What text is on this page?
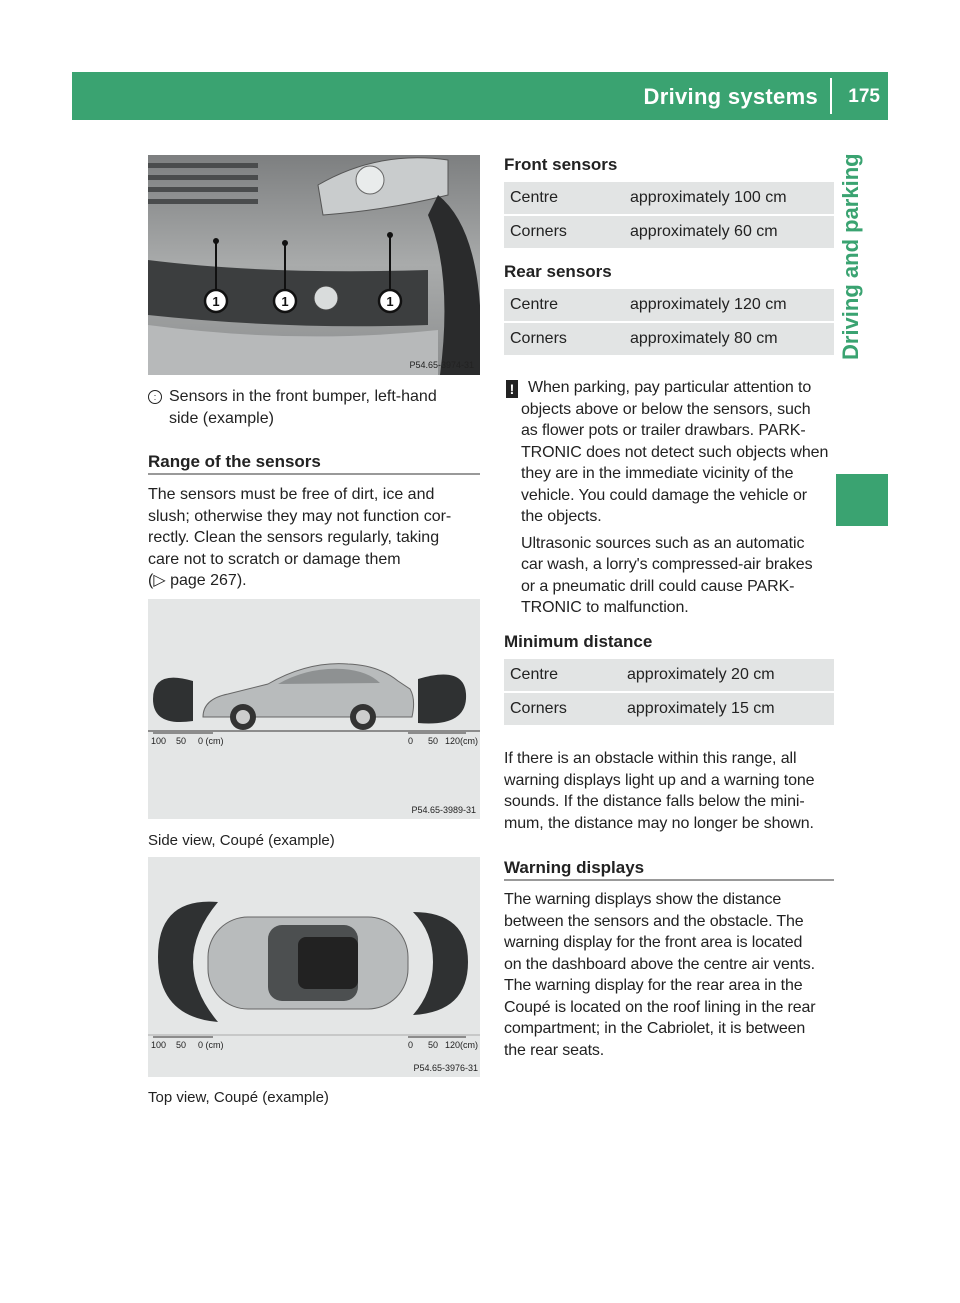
Driving systems 175
Driving and parking
1	1	1
P54.65-3974-31
: Sensors in the front bumper, left-hand
side (example)
Range of the sensors
The sensors must be free of dirt, ice and
slush; otherwise they may not function cor-
rectly. Clean the sensors regularly, taking
care not to scratch or damage them
(▷ page 267).
100 50 0 (cm)	0 50 120(cm)
P54.65-3989-31
Side view, Coupé (example)
100 50 0 (cm)	0 50 120(cm)
P54.65-3976-31
Top view, Coupé (example)
Front sensors
Centre	approximately 100 cm
Corners	approximately 60 cm
Rear sensors
Centre	approximately 120 cm
Corners	approximately 80 cm
! When parking, pay particular attention to
objects above or below the sensors, such
as flower pots or trailer drawbars. PARK-
TRONIC does not detect such objects when
they are in the immediate vicinity of the
vehicle. You could damage the vehicle or
the objects.
Ultrasonic sources such as an automatic
car wash, a lorry's compressed-air brakes
or a pneumatic drill could cause PARK-
TRONIC to malfunction.
Minimum distance
Centre	approximately 20 cm
Corners	approximately 15 cm
If there is an obstacle within this range, all
warning displays light up and a warning tone
sounds. If the distance falls below the mini-
mum, the distance may no longer be shown.
Warning displays
The warning displays show the distance
between the sensors and the obstacle. The
warning display for the front area is located
on the dashboard above the centre air vents.
The warning display for the rear area in the
Coupé is located on the roof lining in the rear
compartment; in the Cabriolet, it is between
the rear seats.
